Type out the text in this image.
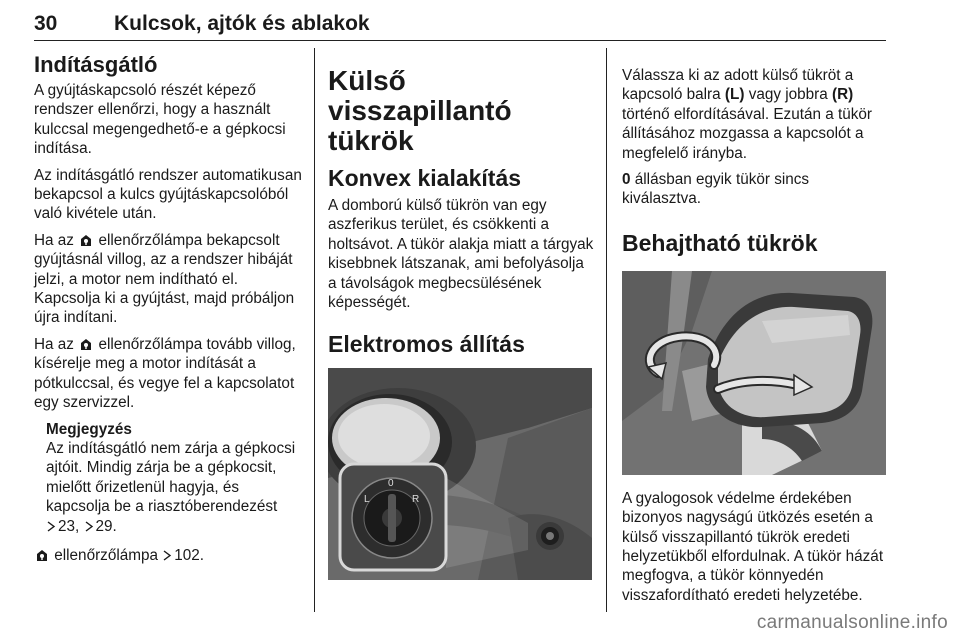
30	Kulcsok, ajtók és ablakok
Indításgátló

A gyújtáskapcsoló részét képező rendszer ellenőrzi, hogy a használt kulccsal megengedhető-e a gépkocsi indítása.

Az indításgátló rendszer automatikusan bekapcsol a kulcs gyújtáskapcsolóból való kivétele után.

Ha az ellenőrzőlámpa bekapcsolt gyújtásnál villog, az a rendszer hibáját jelzi, a motor nem indítható el. Kapcsolja ki a gyújtást, majd próbáljon újra indítani.

Ha az ellenőrzőlámpa tovább villog, kísérelje meg a motor indítását a pótkulccsal, és vegye fel a kapcsolatot egy szervizzel.

Megjegyzés
Az indításgátló nem zárja a gépkocsi ajtóit. Mindig zárja be a gépkocsit, mielőtt őrizetlenül hagyja, és kapcsolja be a riasztóberendezést
23, 29.

ellenőrzőlámpa 102.

Külső visszapillantó tükrök
Konvex kialakítás

A domború külső tükrön van egy aszferikus terület, és csökkenti a holtsávot. A tükör alakja miatt a tárgyak kisebbnek látszanak, ami befolyásolja a távolságok megbecsülésének képességét.

Elektromos állítás
L
0
R

Válassza ki az adott külső tükröt a kapcsoló balra (L) vagy jobbra (R) történő elfordításával. Ezután a tükör állításához mozgassa a kapcsolót a megfelelő irányba.

0 állásban egyik tükör sincs kiválasztva.

Behajtható tükrök

A gyalogosok védelme érdekében bizonyos nagyságú ütközés esetén a külső visszapillantó tükrök eredeti helyzetükből elfordulnak. A tükör házát megfogva, a tükör könnyedén visszafordítható eredeti helyzetébe.

carmanualsonline.info
